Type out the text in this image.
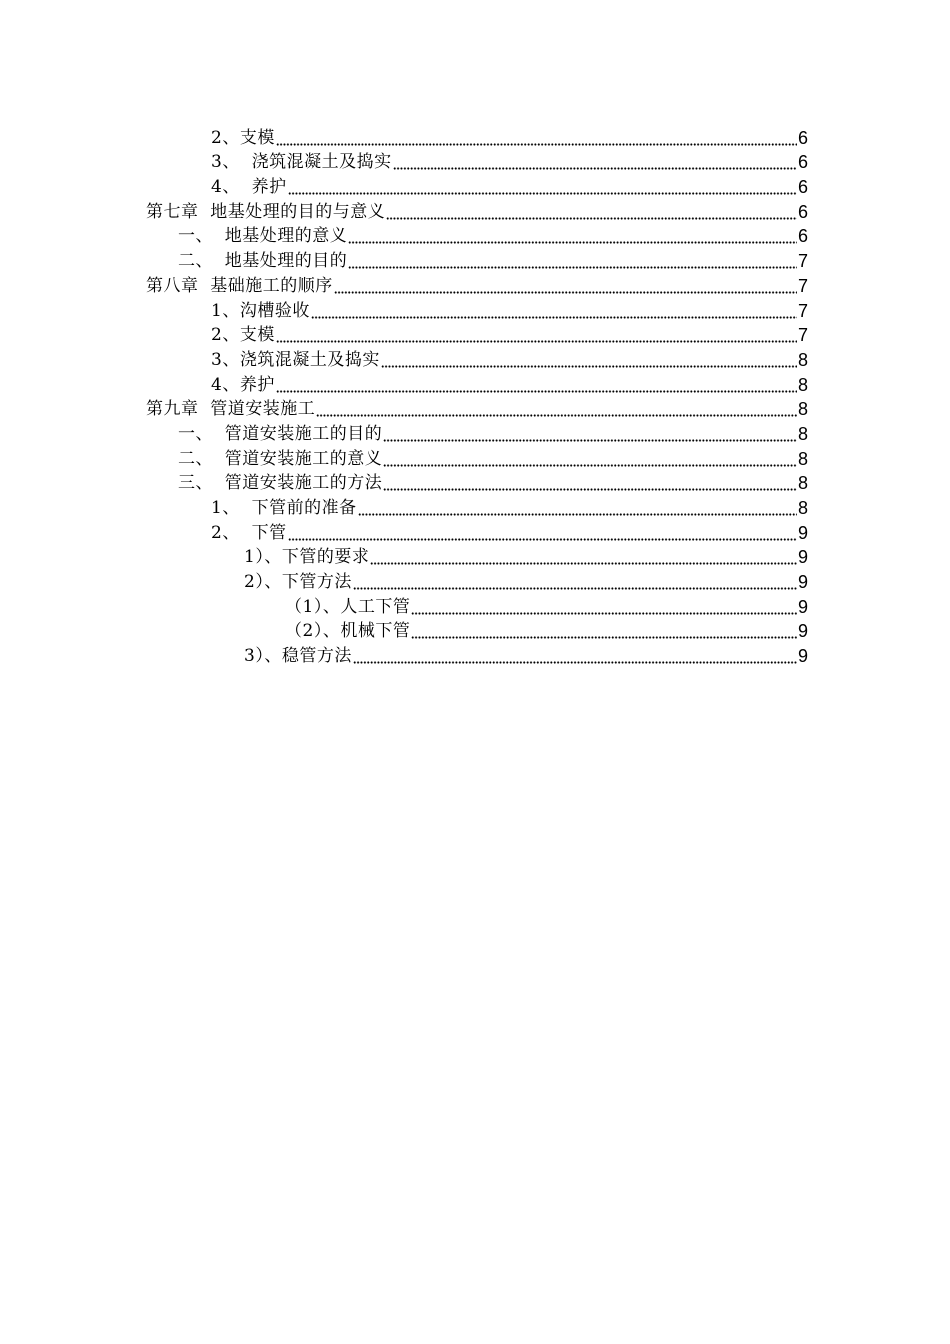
2、支模	6
3、  浇筑混凝土及捣实	6
4、  养护	6
第七章  地基处理的目的与意义	6
一、  地基处理的意义	6
二、  地基处理的目的	7
第八章  基础施工的顺序	7
1、沟槽验收	7
2、支模	7
3、浇筑混凝土及捣实	8
4、养护	8
第九章  管道安装施工	8
一、  管道安装施工的目的	8
二、  管道安装施工的意义	8
三、  管道安装施工的方法	8
1、  下管前的准备	8
2、  下管	9
1）、下管的要求	9
2）、下管方法	9
（1）、人工下管	9
（2）、机械下管	9
3）、稳管方法	9
